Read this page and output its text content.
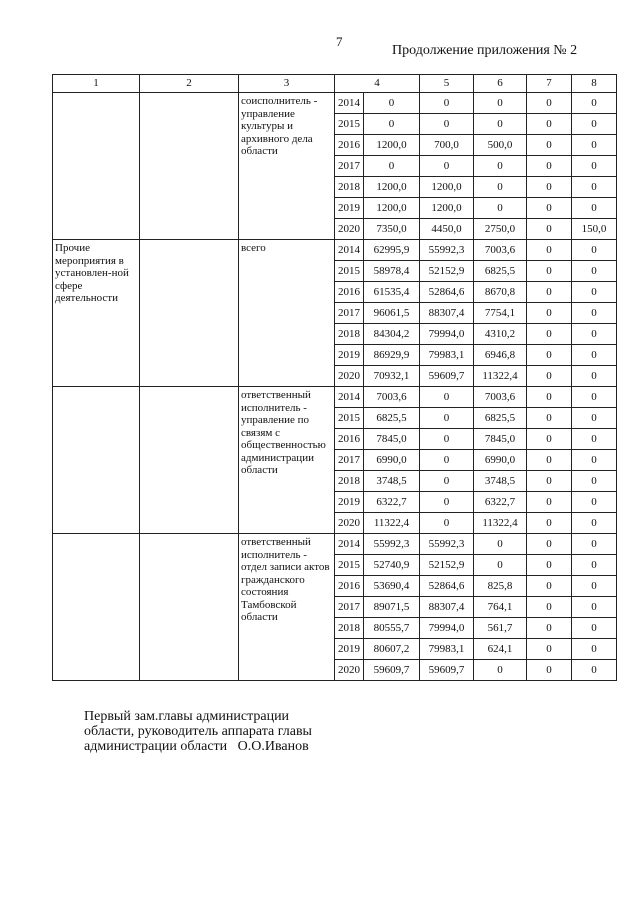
7
Продолжение приложения № 2
1	2	3	4		5	6	7	8
		соисполнитель - управление культуры и архивного дела области	2014	0	0	0	0	0
			2015	0	0	0	0	0
			2016	1200,0	700,0	500,0	0	0
			2017	0	0	0	0	0
			2018	1200,0	1200,0	0	0	0
			2019	1200,0	1200,0	0	0	0
			2020	7350,0	4450,0	2750,0	0	150,0
Прочие мероприятия в установлен-ной сфере деятельности		всего	2014	62995,9	55992,3	7003,6	0	0
			2015	58978,4	52152,9	6825,5	0	0
			2016	61535,4	52864,6	8670,8	0	0
			2017	96061,5	88307,4	7754,1	0	0
			2018	84304,2	79994,0	4310,2	0	0
			2019	86929,9	79983,1	6946,8	0	0
			2020	70932,1	59609,7	11322,4	0	0
		ответственный исполнитель - управление по связям с общественностью администрации области	2014	7003,6	0	7003,6	0	0
			2015	6825,5	0	6825,5	0	0
			2016	7845,0	0	7845,0	0	0
			2017	6990,0	0	6990,0	0	0
			2018	3748,5	0	3748,5	0	0
			2019	6322,7	0	6322,7	0	0
			2020	11322,4	0	11322,4	0	0
		ответственный исполнитель - отдел записи актов гражданского состояния Тамбовской области	2014	55992,3	55992,3	0	0	0
			2015	52740,9	52152,9	0	0	0
			2016	53690,4	52864,6	825,8	0	0
			2017	89071,5	88307,4	764,1	0	0
			2018	80555,7	79994,0	561,7	0	0
			2019	80607,2	79983,1	624,1	0	0
			2020	59609,7	59609,7	0	0	0
Первый зам.главы администрации
области, руководитель аппарата главы
администрации области О.О.Иванов
